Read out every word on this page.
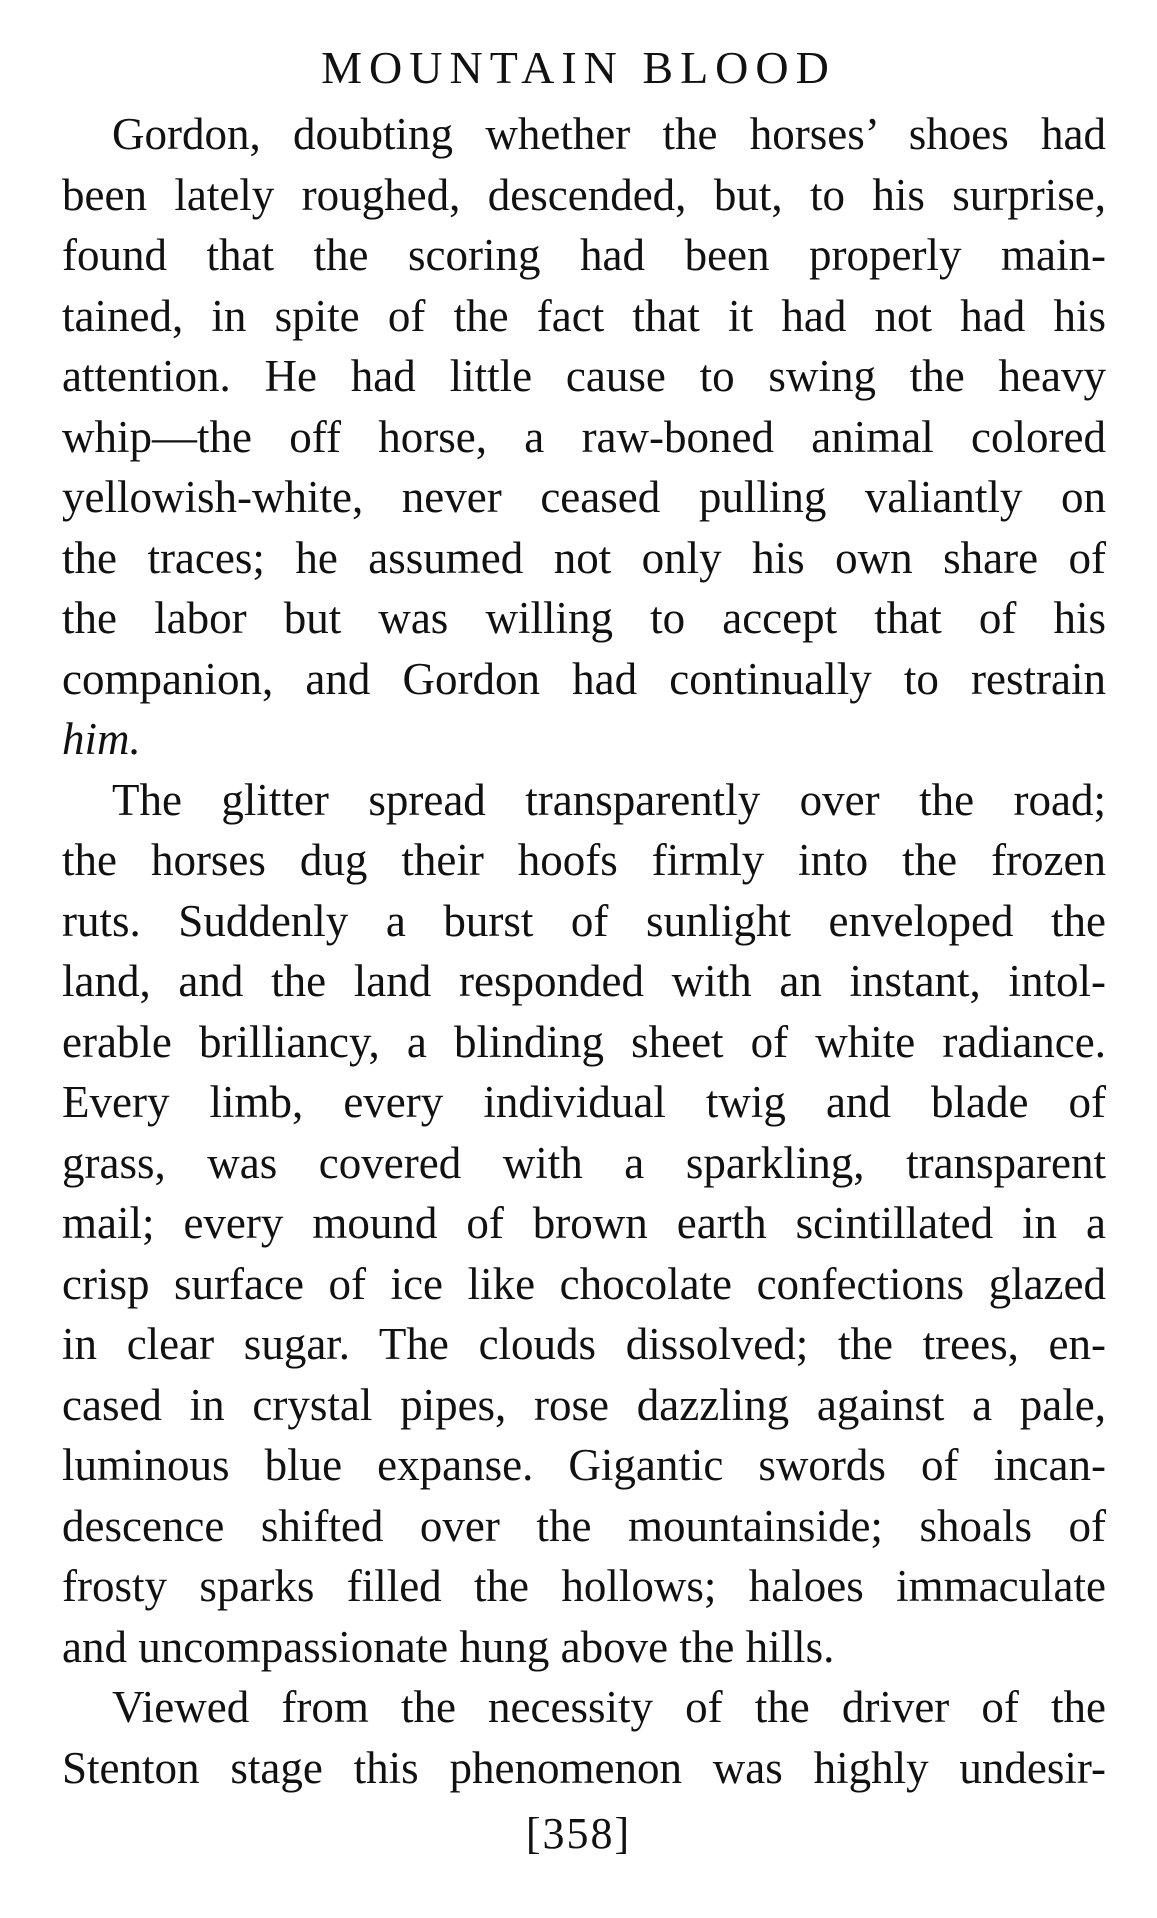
MOUNTAIN BLOOD
Gordon, doubting whether the horses’ shoes had
been lately roughed, descended, but, to his surprise,
found that the scoring had been properly main-
tained, in spite of the fact that it had not had his
attention. He had little cause to swing the heavy
whip—the off horse, a raw-boned animal colored
yellowish-white, never ceased pulling valiantly on
the traces; he assumed not only his own share of
the labor but was willing to accept that of his
companion, and Gordon had continually to restrain
him.
The glitter spread transparently over the road;
the horses dug their hoofs firmly into the frozen
ruts. Suddenly a burst of sunlight enveloped the
land, and the land responded with an instant, intol-
erable brilliancy, a blinding sheet of white radiance.
Every limb, every individual twig and blade of
grass, was covered with a sparkling, transparent
mail; every mound of brown earth scintillated in a
crisp surface of ice like chocolate confections glazed
in clear sugar. The clouds dissolved; the trees, en-
cased in crystal pipes, rose dazzling against a pale,
luminous blue expanse. Gigantic swords of incan-
descence shifted over the mountainside; shoals of
frosty sparks filled the hollows; haloes immaculate
and uncompassionate hung above the hills.
Viewed from the necessity of the driver of the
Stenton stage this phenomenon was highly undesir-
[358]
